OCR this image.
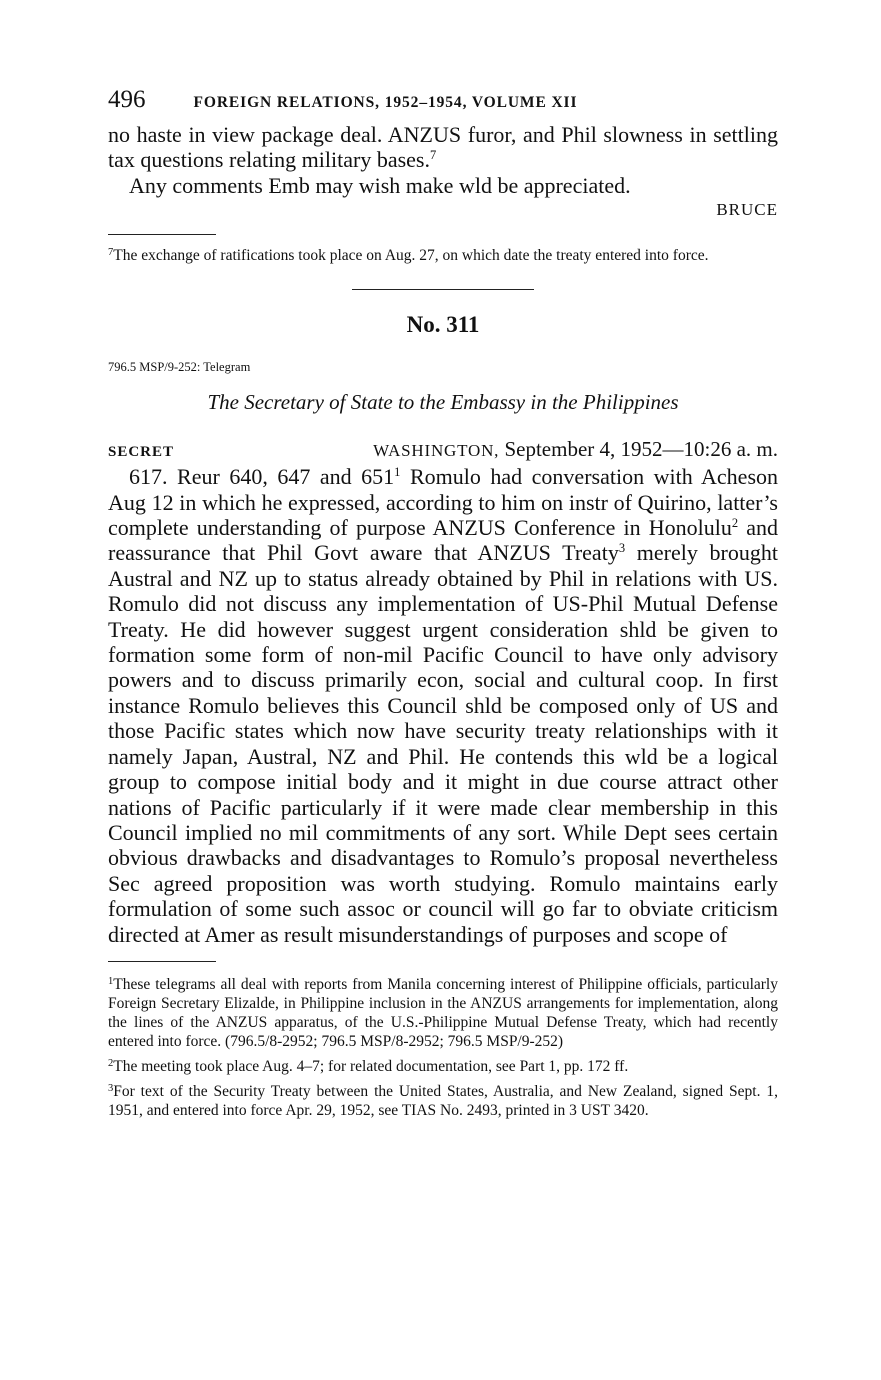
496	FOREIGN RELATIONS, 1952–1954, VOLUME XII

no haste in view package deal. ANZUS furor, and Phil slowness in settling tax questions relating military bases.$^7$

Any comments Emb may wish make wld be appreciated.

BRUCE

$^7$The exchange of ratifications took place on Aug. 27, on which date the treaty entered into force.

No. 311
796.5 MSP/9-252: Telegram
The Secretary of State to the Embassy in the Philippines
SECRET	WASHINGTON, September 4, 1952—10:26 a. m.

617. Reur 640, 647 and 651$^1$ Romulo had conversation with Acheson Aug 12 in which he expressed, according to him on instr of Quirino, latter’s complete understanding of purpose ANZUS Conference in Honolulu$^2$ and reassurance that Phil Govt aware that ANZUS Treaty$^3$ merely brought Austral and NZ up to status already obtained by Phil in relations with US. Romulo did not discuss any implementation of US-Phil Mutual Defense Treaty. He did however suggest urgent consideration shld be given to formation some form of non-mil Pacific Council to have only advisory powers and to discuss primarily econ, social and cultural coop. In first instance Romulo believes this Council shld be composed only of US and those Pacific states which now have security treaty relationships with it namely Japan, Austral, NZ and Phil. He contends this wld be a logical group to compose initial body and it might in due course attract other nations of Pacific particularly if it were made clear membership in this Council implied no mil commitments of any sort. While Dept sees certain obvious drawbacks and disadvantages to Romulo’s proposal nevertheless Sec agreed proposition was worth studying. Romulo maintains early formulation of some such assoc or council will go far to obviate criticism directed at Amer as result misunderstandings of purposes and scope of

$^1$These telegrams all deal with reports from Manila concerning interest of Philippine officials, particularly Foreign Secretary Elizalde, in Philippine inclusion in the ANZUS arrangements for implementation, along the lines of the ANZUS apparatus, of the U.S.-Philippine Mutual Defense Treaty, which had recently entered into force. (796.5/8-2952; 796.5 MSP/8-2952; 796.5 MSP/9-252)

$^2$The meeting took place Aug. 4–7; for related documentation, see Part 1, pp. 172 ff.

$^3$For text of the Security Treaty between the United States, Australia, and New Zealand, signed Sept. 1, 1951, and entered into force Apr. 29, 1952, see TIAS No. 2493, printed in 3 UST 3420.
